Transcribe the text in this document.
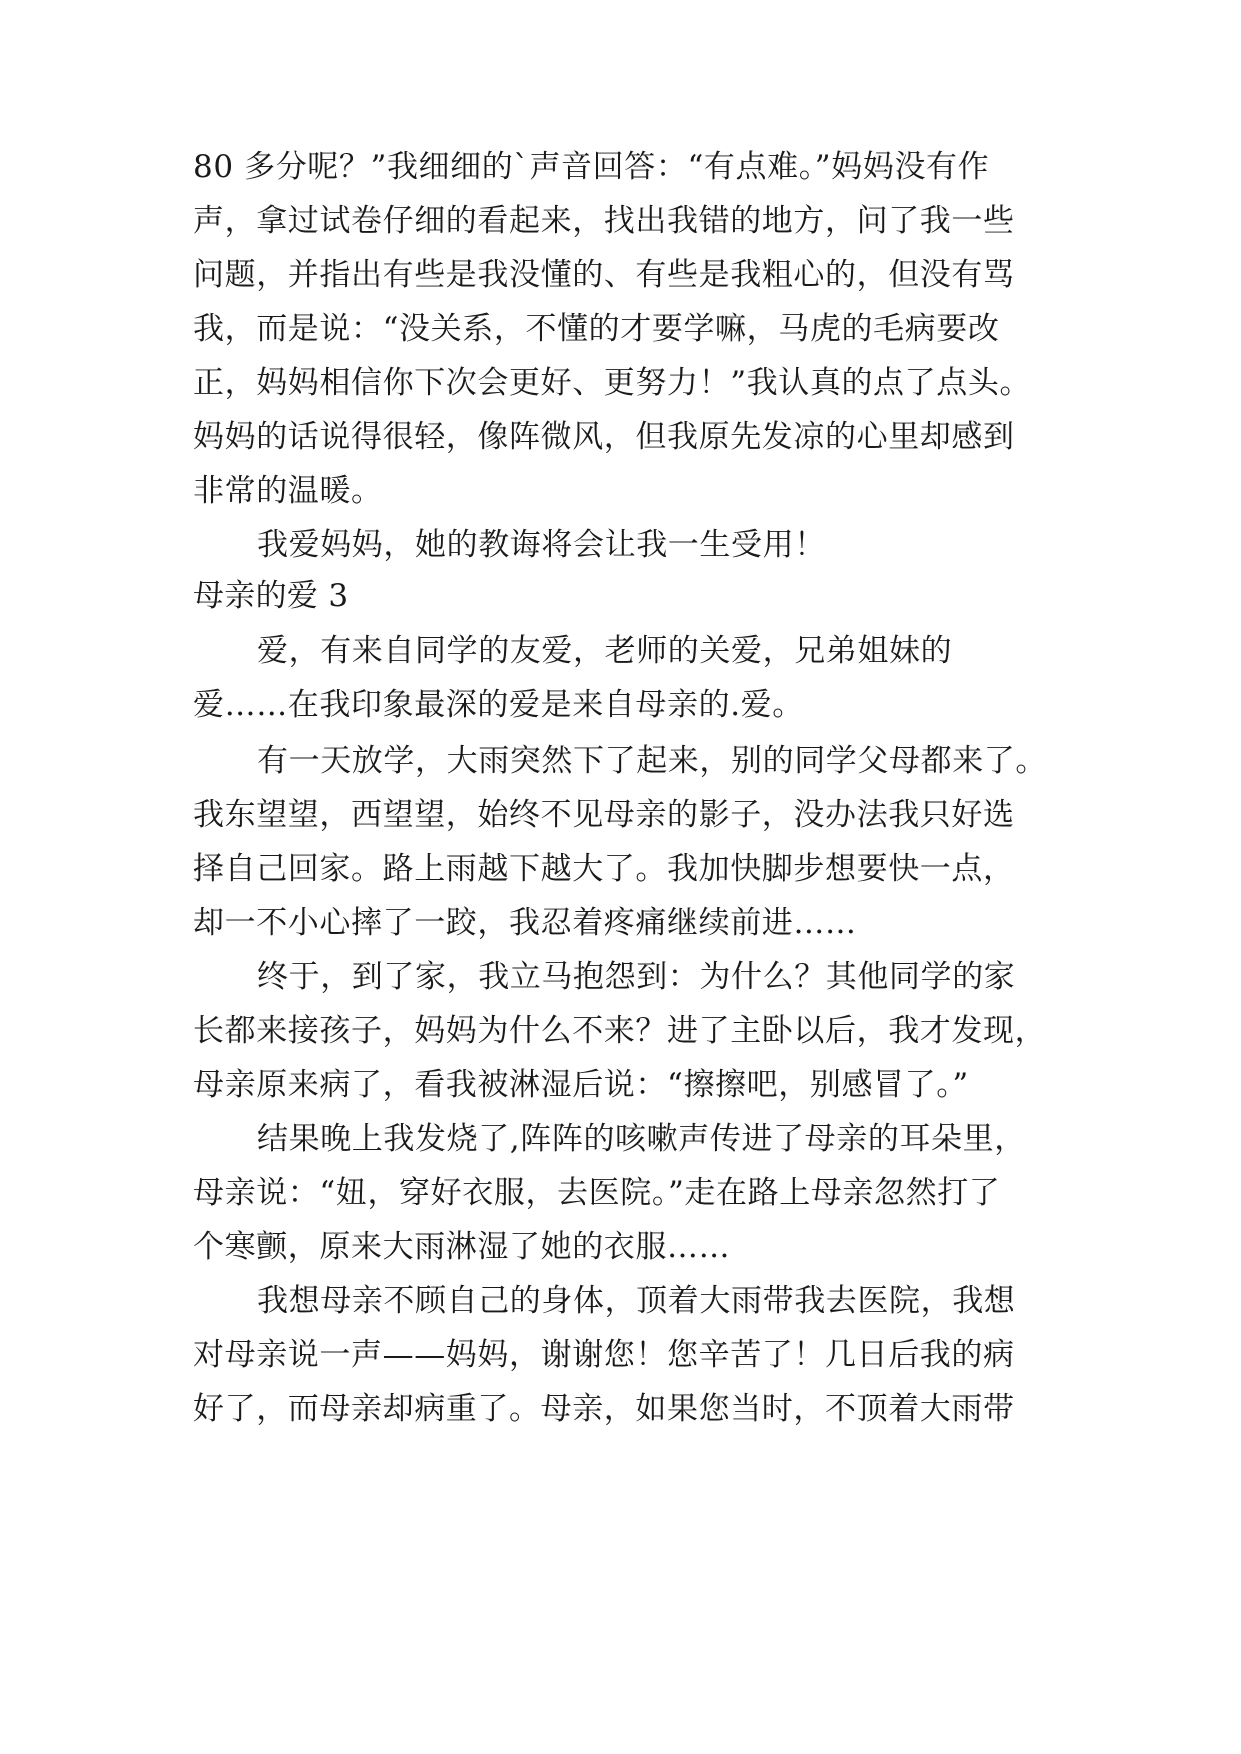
80 多分呢？”我细细的`声音回答：“有点难。”妈妈没有作
声，拿过试卷仔细的看起来，找出我错的地方，问了我一些
问题，并指出有些是我没懂的、有些是我粗心的，但没有骂
我，而是说：“没关系，不懂的才要学嘛，马虎的毛病要改
正，妈妈相信你下次会更好、更努力！”我认真的点了点头。
妈妈的话说得很轻，像阵微风，但我原先发凉的心里却感到
非常的温暖。
我爱妈妈，她的教诲将会让我一生受用！
母亲的爱 3
爱，有来自同学的友爱，老师的关爱，兄弟姐妹的
爱……在我印象最深的爱是来自母亲的.爱。
有一天放学，大雨突然下了起来，别的同学父母都来了。
我东望望，西望望，始终不见母亲的影子，没办法我只好选
择自己回家。路上雨越下越大了。我加快脚步想要快一点，
却一不小心摔了一跤，我忍着疼痛继续前进……
终于，到了家，我立马抱怨到：为什么？其他同学的家
长都来接孩子，妈妈为什么不来？进了主卧以后，我才发现，
母亲原来病了，看我被淋湿后说：“擦擦吧，别感冒了。”
结果晚上我发烧了,阵阵的咳嗽声传进了母亲的耳朵里，
母亲说：“妞，穿好衣服，去医院。”走在路上母亲忽然打了
个寒颤，原来大雨淋湿了她的衣服……
我想母亲不顾自己的身体，顶着大雨带我去医院，我想
对母亲说一声——妈妈，谢谢您！您辛苦了！几日后我的病
好了，而母亲却病重了。母亲，如果您当时，不顶着大雨带
